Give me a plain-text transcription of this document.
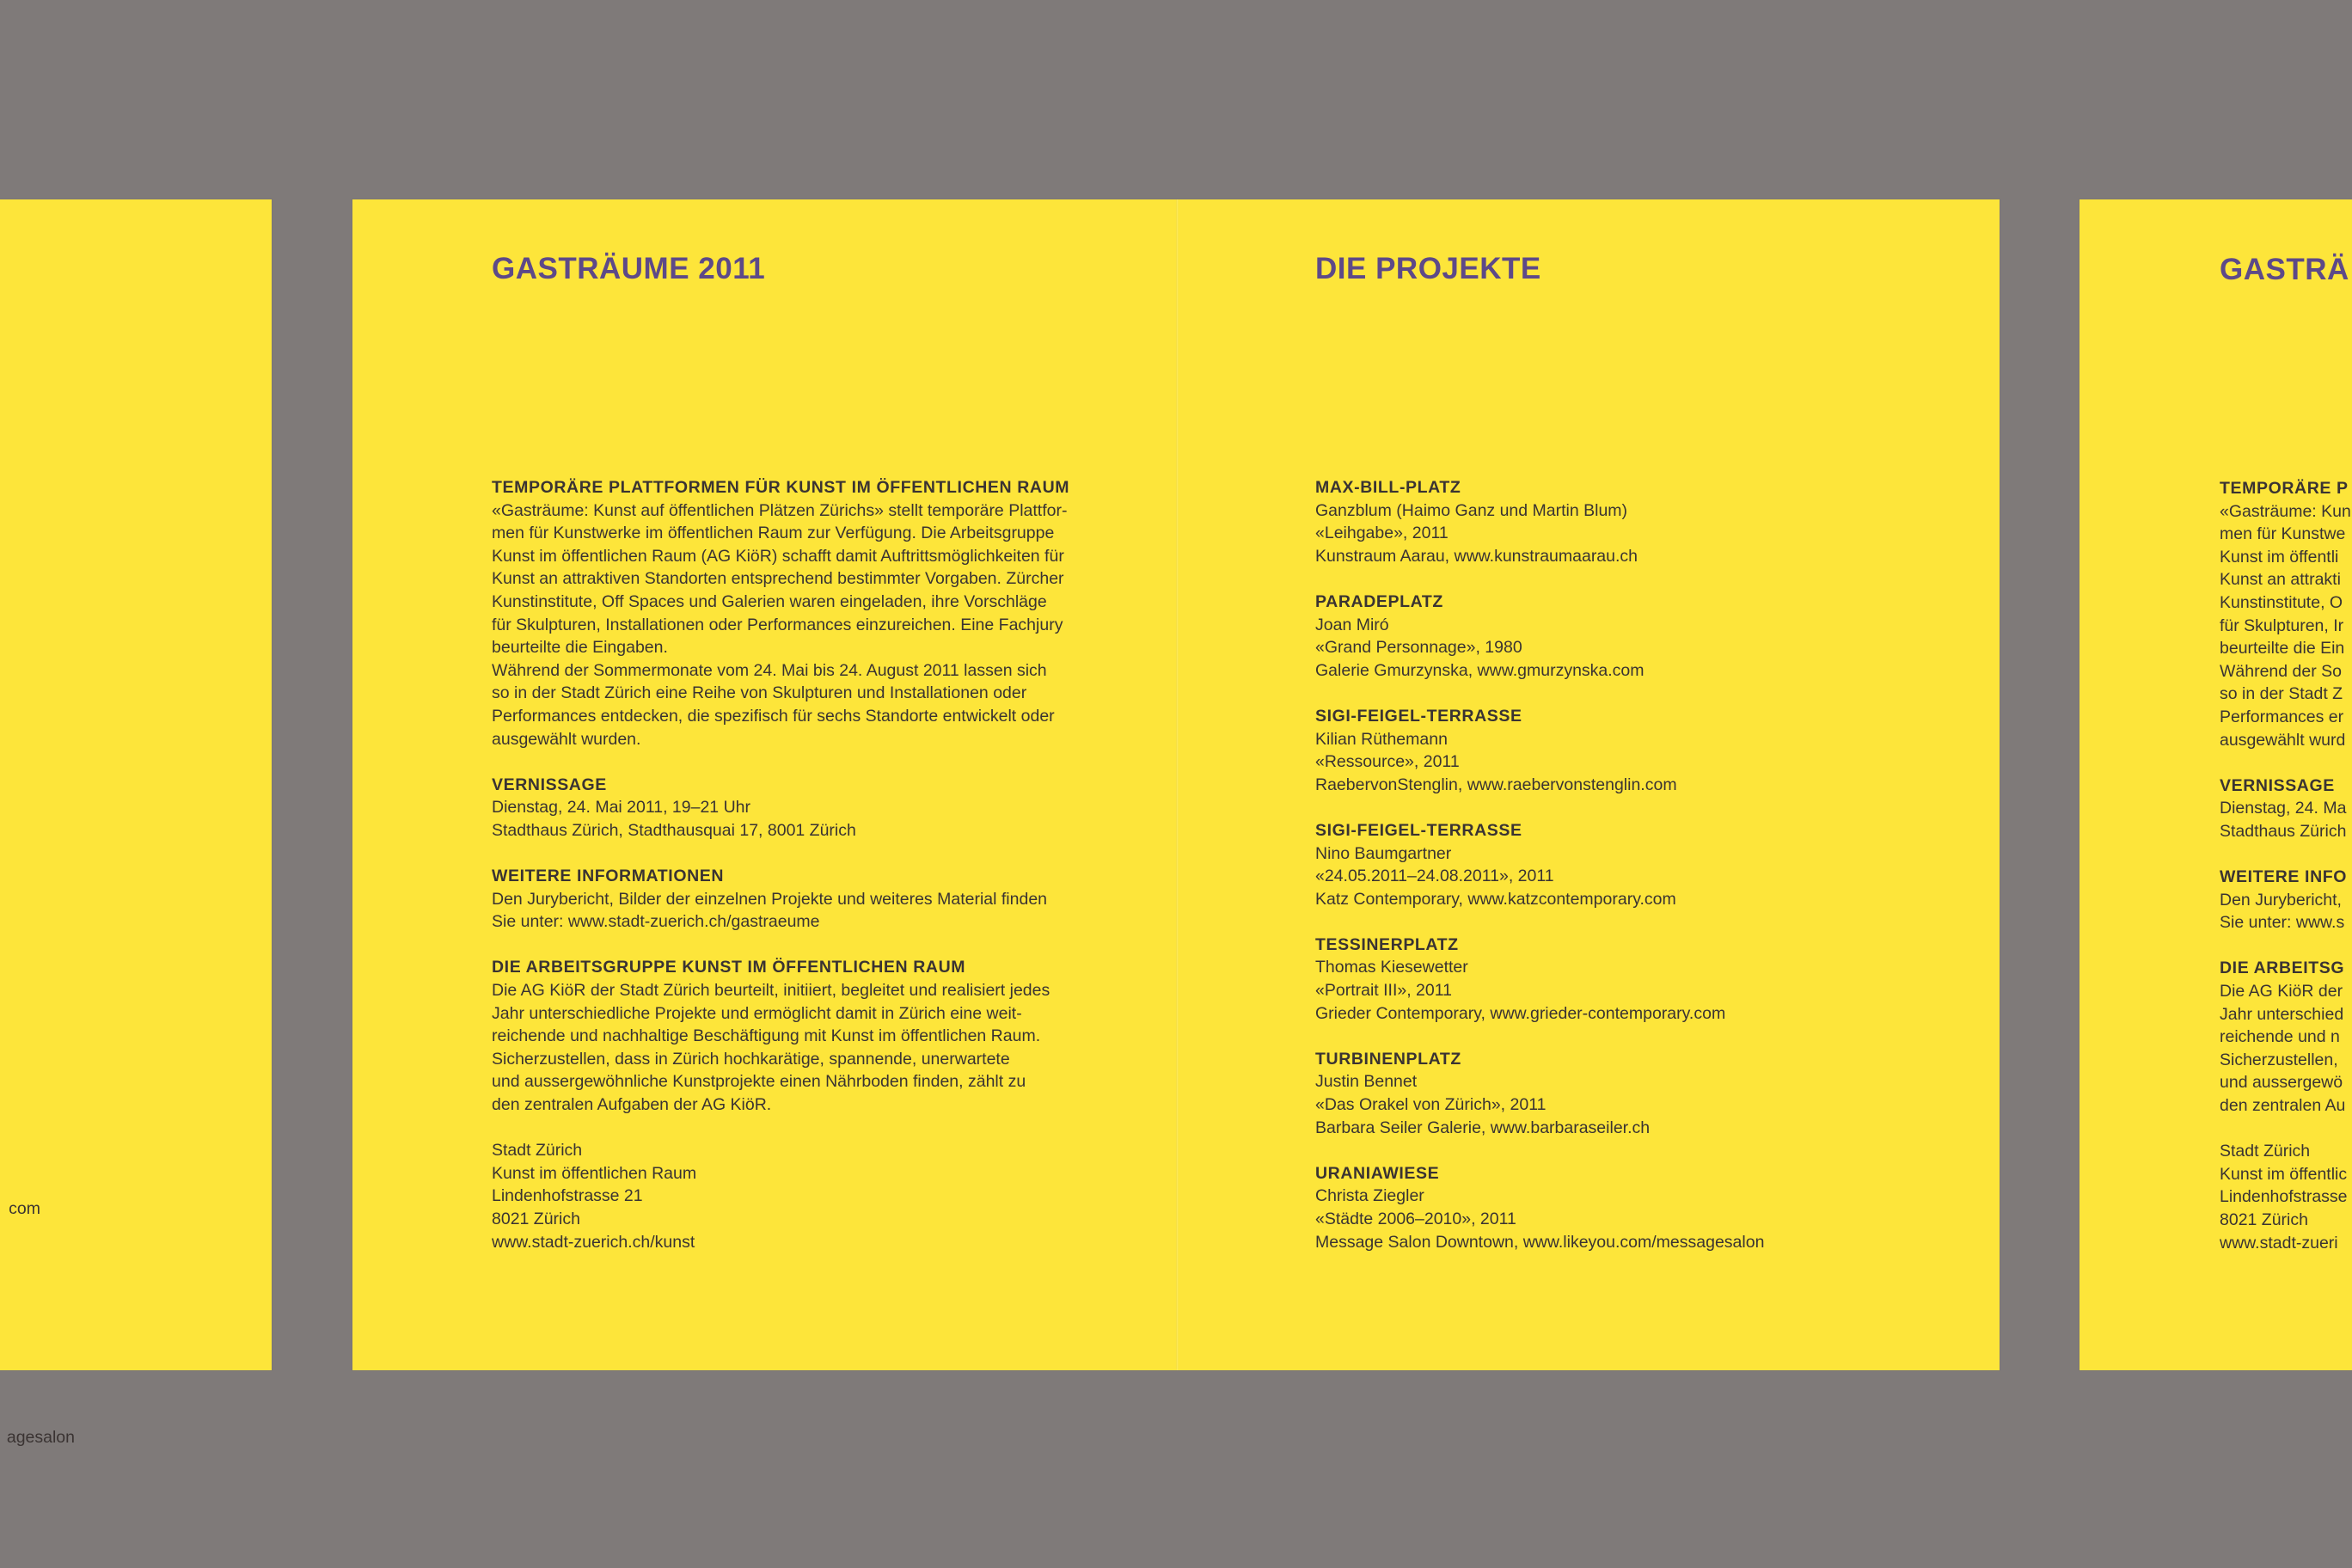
com
agesalon
GASTRÄUME 2011
TEMPORÄRE PLATTFORMEN FÜR KUNST IM ÖFFENTLICHEN RAUM
«Gasträume: Kunst auf öffentlichen Plätzen Zürichs» stellt temporäre Plattfor-
men für Kunstwerke im öffentlichen Raum zur Verfügung. Die Arbeitsgruppe
Kunst im öffentlichen Raum (AG KiöR) schafft damit Auftrittsmöglichkeiten für
Kunst an attraktiven Standorten entsprechend bestimmter Vorgaben. Zürcher
Kunstinstitute, Off Spaces und Galerien waren eingeladen, ihre Vorschläge
für Skulpturen, Installationen oder Performances einzureichen. Eine Fachjury
beurteilte die Eingaben.
Während der Sommermonate vom 24. Mai bis 24. August 2011 lassen sich
so in der Stadt Zürich eine Reihe von Skulpturen und Installationen oder
Performances entdecken, die spezifisch für sechs Standorte entwickelt oder
ausgewählt wurden.
VERNISSAGE
Dienstag, 24. Mai 2011, 19–21 Uhr
Stadthaus Zürich, Stadthausquai 17, 8001 Zürich
WEITERE INFORMATIONEN
Den Jurybericht, Bilder der einzelnen Projekte und weiteres Material finden
Sie unter: www.stadt-zuerich.ch/gastraeume
DIE ARBEITSGRUPPE KUNST IM ÖFFENTLICHEN RAUM
Die AG KiöR der Stadt Zürich beurteilt, initiiert, begleitet und realisiert jedes
Jahr unterschiedliche Projekte und ermöglicht damit in Zürich eine weit-
reichende und nachhaltige Beschäftigung mit Kunst im öffentlichen Raum.
Sicherzustellen, dass in Zürich hochkarätige, spannende, unerwartete
und aussergewöhnliche Kunstprojekte einen Nährboden finden, zählt zu
den zentralen Aufgaben der AG KiöR.
Stadt Zürich
Kunst im öffentlichen Raum
Lindenhofstrasse 21
8021 Zürich
www.stadt-zuerich.ch/kunst
DIE PROJEKTE
MAX-BILL-PLATZ
Ganzblum (Haimo Ganz und Martin Blum)
«Leihgabe», 2011
Kunstraum Aarau, www.kunstraumaarau.ch
PARADEPLATZ
Joan Miró
«Grand Personnage», 1980
Galerie Gmurzynska, www.gmurzynska.com
SIGI-FEIGEL-TERRASSE
Kilian Rüthemann
«Ressource», 2011
RaebervonStenglin, www.raebervonstenglin.com
SIGI-FEIGEL-TERRASSE
Nino Baumgartner
«24.05.2011–24.08.2011», 2011
Katz Contemporary, www.katzcontemporary.com
TESSINERPLATZ
Thomas Kiesewetter
«Portrait III», 2011
Grieder Contemporary, www.grieder-contemporary.com
TURBINENPLATZ
Justin Bennet
«Das Orakel von Zürich», 2011
Barbara Seiler Galerie, www.barbaraseiler.ch
URANIAWIESE
Christa Ziegler
«Städte 2006–2010», 2011
Message Salon Downtown, www.likeyou.com/messagesalon
GASTRÄ
TEMPORÄRE P
«Gasträume: Kun
men für Kunstwe
Kunst im öffentli
Kunst an attrakti
Kunstinstitute, O
für Skulpturen, Ir
beurteilte die Ein
Während der So
so in der Stadt Z
Performances er
ausgewählt wurd
VERNISSAGE
Dienstag, 24. Ma
Stadthaus Zürich
WEITERE INFO
Den Jurybericht,
Sie unter: www.s
DIE ARBEITSG
Die AG KiöR der
Jahr unterschied
reichende und n
Sicherzustellen,
und aussergewö
den zentralen Au
Stadt Zürich
Kunst im öffentlic
Lindenhofstrasse
8021 Zürich
www.stadt-zueri
